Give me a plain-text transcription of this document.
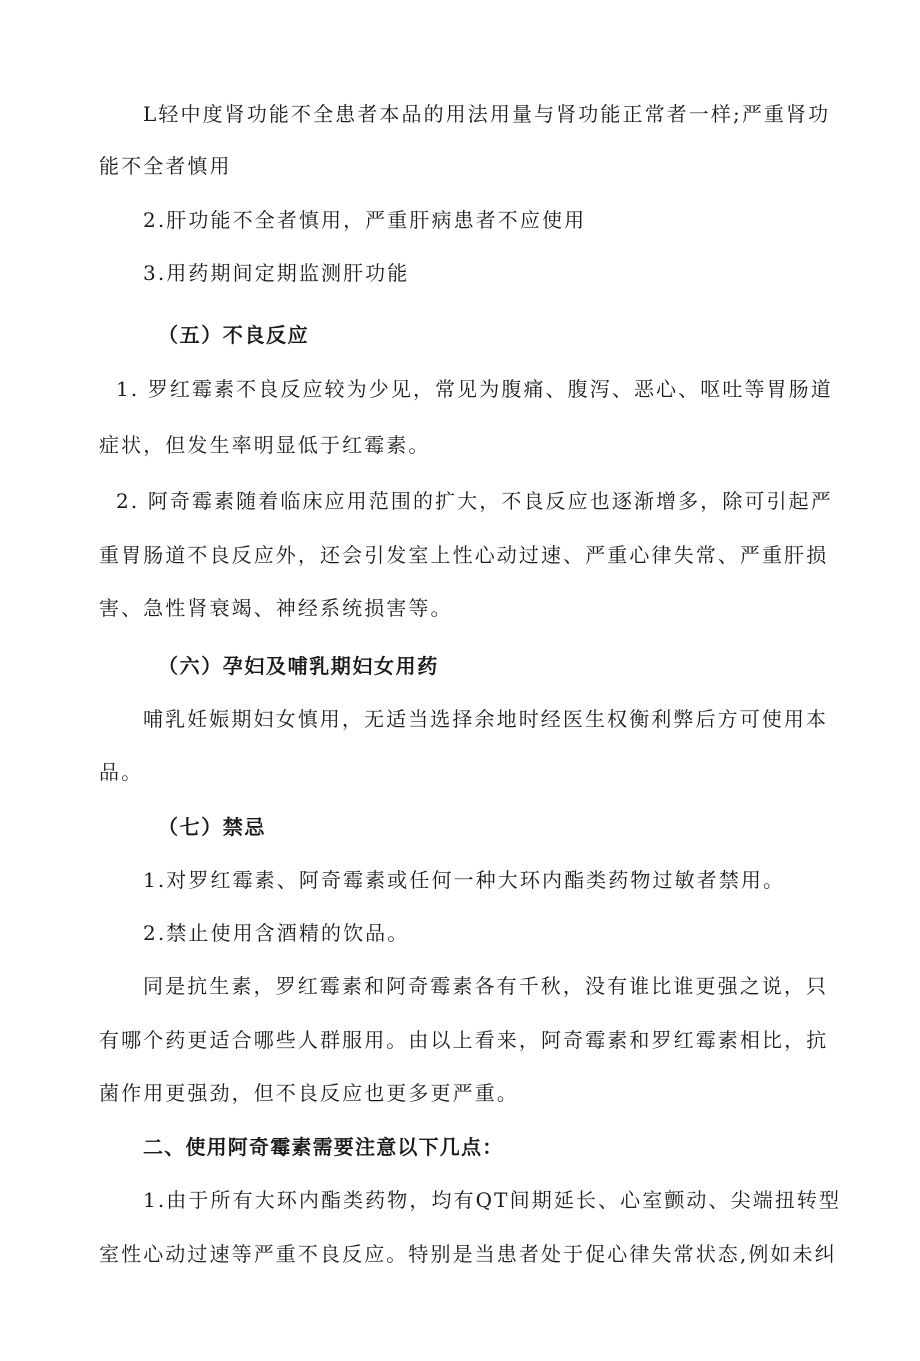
L轻中度肾功能不全患者本品的用法用量与肾功能正常者一样;严重肾功
能不全者慎用
2.肝功能不全者慎用，严重肝病患者不应使用
3.用药期间定期监测肝功能
（五）不良反应
1. 罗红霉素不良反应较为少见，常见为腹痛、腹泻、恶心、呕吐等胃肠道
症状，但发生率明显低于红霉素。
2. 阿奇霉素随着临床应用范围的扩大，不良反应也逐渐增多，除可引起严
重胃肠道不良反应外，还会引发室上性心动过速、严重心律失常、严重肝损
害、急性肾衰竭、神经系统损害等。
（六）孕妇及哺乳期妇女用药
哺乳妊娠期妇女慎用，无适当选择余地时经医生权衡利弊后方可使用本
品。
（七）禁忌
1.对罗红霉素、阿奇霉素或任何一种大环内酯类药物过敏者禁用。
2.禁止使用含酒精的饮品。
同是抗生素，罗红霉素和阿奇霉素各有千秋，没有谁比谁更强之说，只
有哪个药更适合哪些人群服用。由以上看来，阿奇霉素和罗红霉素相比，抗
菌作用更强劲，但不良反应也更多更严重。
二、使用阿奇霉素需要注意以下几点：
1.由于所有大环内酯类药物，均有QT间期延长、心室颤动、尖端扭转型
室性心动过速等严重不良反应。特别是当患者处于促心律失常状态,例如未纠
